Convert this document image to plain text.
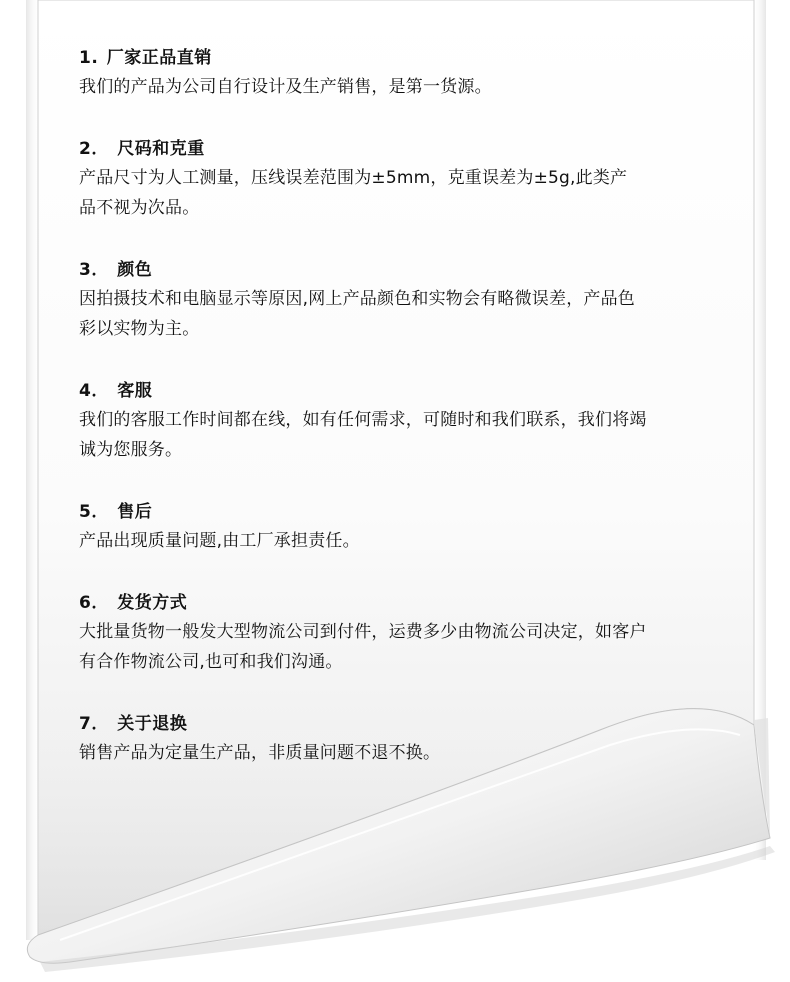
1. 厂家正品直销
我们的产品为公司自行设计及生产销售，是第一货源。
2． 尺码和克重
产品尺寸为人工测量，压线误差范围为±5mm，克重误差为±5g,此类产
品不视为次品。
3． 颜色
因拍摄技术和电脑显示等原因,网上产品颜色和实物会有略微误差，产品色
彩以实物为主。
4． 客服
我们的客服工作时间都在线，如有任何需求，可随时和我们联系，我们将竭
诚为您服务。
5． 售后
产品出现质量问题,由工厂承担责任。
6． 发货方式
大批量货物一般发大型物流公司到付件，运费多少由物流公司决定，如客户
有合作物流公司,也可和我们沟通。
7． 关于退换
销售产品为定量生产品，非质量问题不退不换。
